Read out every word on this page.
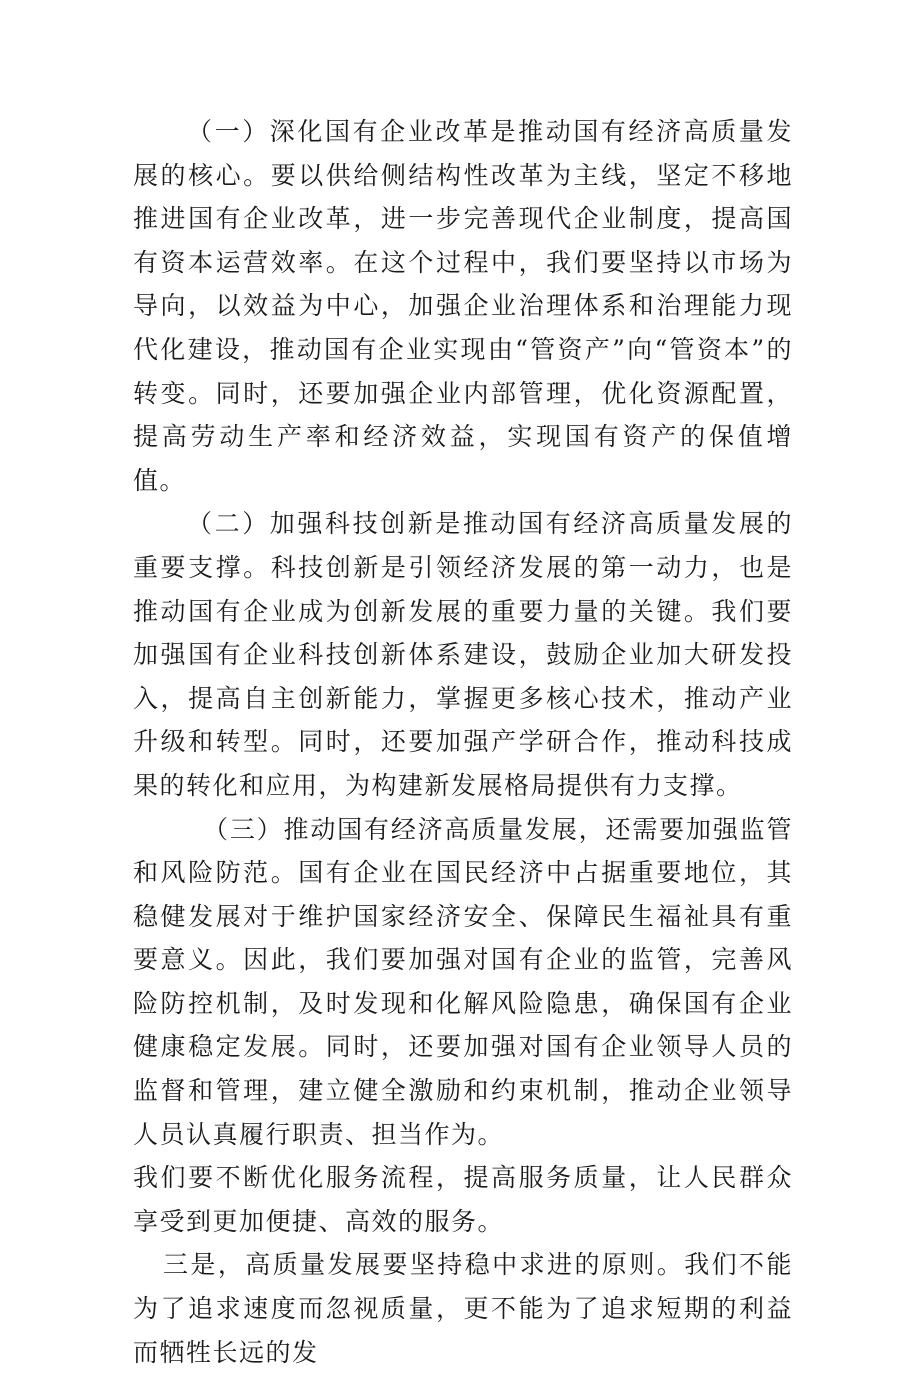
（一）深化国有企业改革是推动国有经济高质量发展的核心。要以供给侧结构性改革为主线，坚定不移地推进国有企业改革，进一步完善现代企业制度，提高国有资本运营效率。在这个过程中，我们要坚持以市场为导向，以效益为中心，加强企业治理体系和治理能力现代化建设，推动国有企业实现由“管资产”向“管资本”的转变。同时，还要加强企业内部管理，优化资源配置，提高劳动生产率和经济效益，实现国有资产的保值增值。

（二）加强科技创新是推动国有经济高质量发展的重要支撑。科技创新是引领经济发展的第一动力，也是推动国有企业成为创新发展的重要力量的关键。我们要加强国有企业科技创新体系建设，鼓励企业加大研发投入，提高自主创新能力，掌握更多核心技术，推动产业升级和转型。同时，还要加强产学研合作，推动科技成果的转化和应用，为构建新发展格局提供有力支撑。

（三）推动国有经济高质量发展，还需要加强监管和风险防范。国有企业在国民经济中占据重要地位，其稳健发展对于维护国家经济安全、保障民生福祉具有重要意义。因此，我们要加强对国有企业的监管，完善风险防控机制，及时发现和化解风险隐患，确保国有企业健康稳定发展。同时，还要加强对国有企业领导人员的监督和管理，建立健全激励和约束机制，推动企业领导人员认真履行职责、担当作为。

我们要不断优化服务流程，提高服务质量，让人民群众享受到更加便捷、高效的服务。

三是，高质量发展要坚持稳中求进的原则。我们不能为了追求速度而忽视质量，更不能为了追求短期的利益而牺牲长远的发
